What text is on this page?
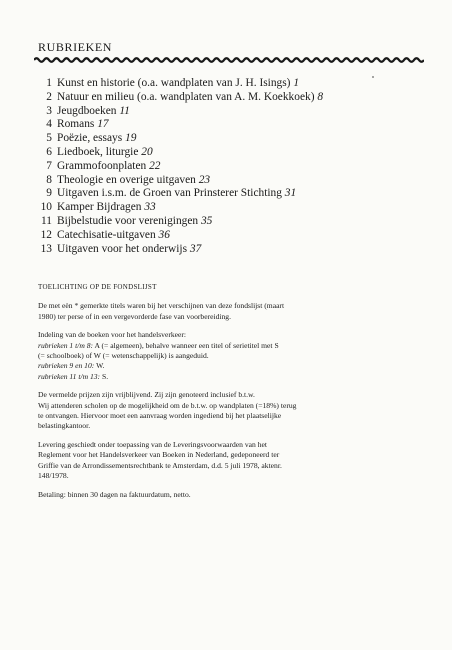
RUBRIEKEN
1 Kunst en historie (o.a. wandplaten van J. H. Isings) 1
2 Natuur en milieu (o.a. wandplaten van A. M. Koekkoek) 8
3 Jeugdboeken 11
4 Romans 17
5 Poëzie, essays 19
6 Liedboek, liturgie 20
7 Grammofoonplaten 22
8 Theologie en overige uitgaven 23
9 Uitgaven i.s.m. de Groen van Prinsterer Stichting 31
10 Kamper Bijdragen 33
11 Bijbelstudie voor verenigingen 35
12 Catechisatie-uitgaven 36
13 Uitgaven voor het onderwijs 37
TOELICHTING OP DE FONDSLIJST
De met eèn * gemerkte titels waren bij het verschijnen van deze fondslijst (maart
1980) ter perse of in een vergevorderde fase van voorbereiding.
Indeling van de boeken voor het handelsverkeer:
rubrieken 1 t/m 8: A (= algemeen), behalve wanneer een titel of serietitel met S
(= schoolboek) of W (= wetenschappelijk) is aangeduid.
rubrieken 9 en 10: W.
rubrieken 11 t/m 13: S.
De vermelde prijzen zijn vrijblijvend. Zij zijn genoteerd inclusief b.t.w.
Wij attenderen scholen op de mogelijkheid om de b.t.w. op wandplaten (=18%) terug
te ontvangen. Hiervoor moet een aanvraag worden ingediend bij het plaatselijke
belastingkantoor.
Levering geschiedt onder toepassing van de Leveringsvoorwaarden van het
Reglement voor het Handelsverkeer van Boeken in Nederland, gedeponeerd ter
Griffie van de Arrondissementsrechtbank te Amsterdam, d.d. 5 juli 1978, aktenr.
148/1978.
Betaling: binnen 30 dagen na faktuurdatum, netto.
